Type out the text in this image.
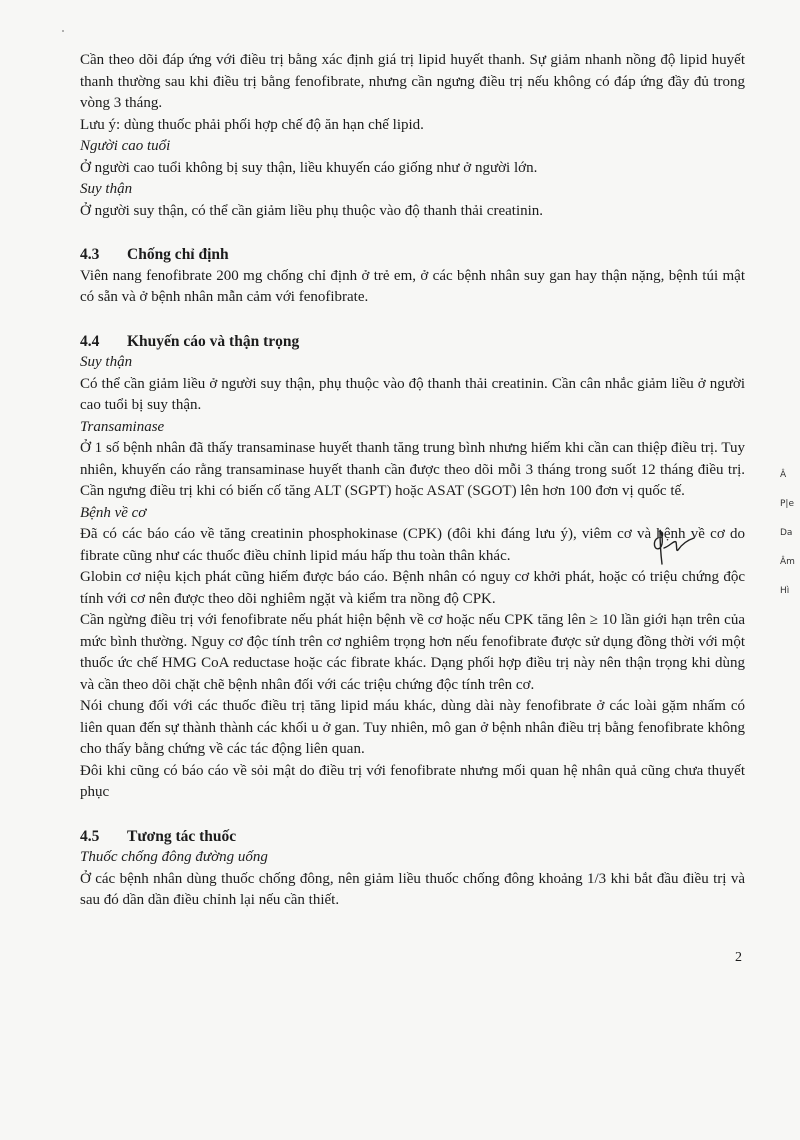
Cần theo dõi đáp ứng với điều trị bằng xác định giá trị lipid huyết thanh. Sự giảm nhanh nồng độ lipid huyết thanh thường sau khi điều trị bằng fenofibrate, nhưng cần ngưng điều trị nếu không có đáp ứng đầy đủ trong vòng 3 tháng.

Lưu ý: dùng thuốc phải phối hợp chế độ ăn hạn chế lipid.

Người cao tuổi

Ở người cao tuổi không bị suy thận, liều khuyến cáo giống như ở người lớn.

Suy thận

Ở người suy thận, có thể cần giảm liều phụ thuộc vào độ thanh thải creatinin.

4.3 Chống chỉ định

Viên nang fenofibrate 200 mg chống chỉ định ở trẻ em, ở các bệnh nhân suy gan hay thận nặng, bệnh túi mật có sẵn và ở bệnh nhân mẫn cảm với fenofibrate.

4.4 Khuyến cáo và thận trọng

Suy thận

Có thể cần giảm liều ở người suy thận, phụ thuộc vào độ thanh thải creatinin. Cần cân nhắc giảm liều ở người cao tuổi bị suy thận.

Transaminase

Ở 1 số bệnh nhân đã thấy transaminase huyết thanh tăng trung bình nhưng hiếm khi cần can thiệp điều trị. Tuy nhiên, khuyến cáo rằng transaminase huyết thanh cần được theo dõi mỗi 3 tháng trong suốt 12 tháng điều trị. Cần ngưng điều trị khi có biến cố tăng ALT (SGPT) hoặc ASAT (SGOT) lên hơn 100 đơn vị quốc tế.

Bệnh về cơ

Đã có các báo cáo về tăng creatinin phosphokinase (CPK) (đôi khi đáng lưu ý), viêm cơ và bệnh về cơ do fibrate cũng như các thuốc điều chỉnh lipid máu hấp thu toàn thân khác.

Globin cơ niệu kịch phát cũng hiếm được báo cáo. Bệnh nhân có nguy cơ khởi phát, hoặc có triệu chứng độc tính với cơ nên được theo dõi nghiêm ngặt và kiểm tra nồng độ CPK.

Cần ngừng điều trị với fenofibrate nếu phát hiện bệnh về cơ hoặc nếu CPK tăng lên ≥ 10 lần giới hạn trên của mức bình thường. Nguy cơ độc tính trên cơ nghiêm trọng hơn nếu fenofibrate được sử dụng đồng thời với một thuốc ức chế HMG CoA reductase hoặc các fibrate khác. Dạng phối hợp điều trị này nên thận trọng khi dùng và cần theo dõi chặt chẽ bệnh nhân đối với các triệu chứng độc tính trên cơ.

Nói chung đối với các thuốc điều trị tăng lipid máu khác, dùng dài này fenofibrate ở các loài gặm nhấm có liên quan đến sự thành thành các khối u ở gan. Tuy nhiên, mô gan ở bệnh nhân điều trị bằng fenofibrate không cho thấy bằng chứng về các tác động liên quan.

Đôi khi cũng có báo cáo về sỏi mật do điều trị với fenofibrate nhưng mối quan hệ nhân quả cũng chưa thuyết phục

4.5 Tương tác thuốc

Thuốc chống đông đường uống

Ở các bệnh nhân dùng thuốc chống đông, nên giảm liều thuốc chống đông khoảng 1/3 khi bắt đầu điều trị và sau đó dần dần điều chỉnh lại nếu cần thiết.

Â
P|e
Da
Âm
Hì
2
